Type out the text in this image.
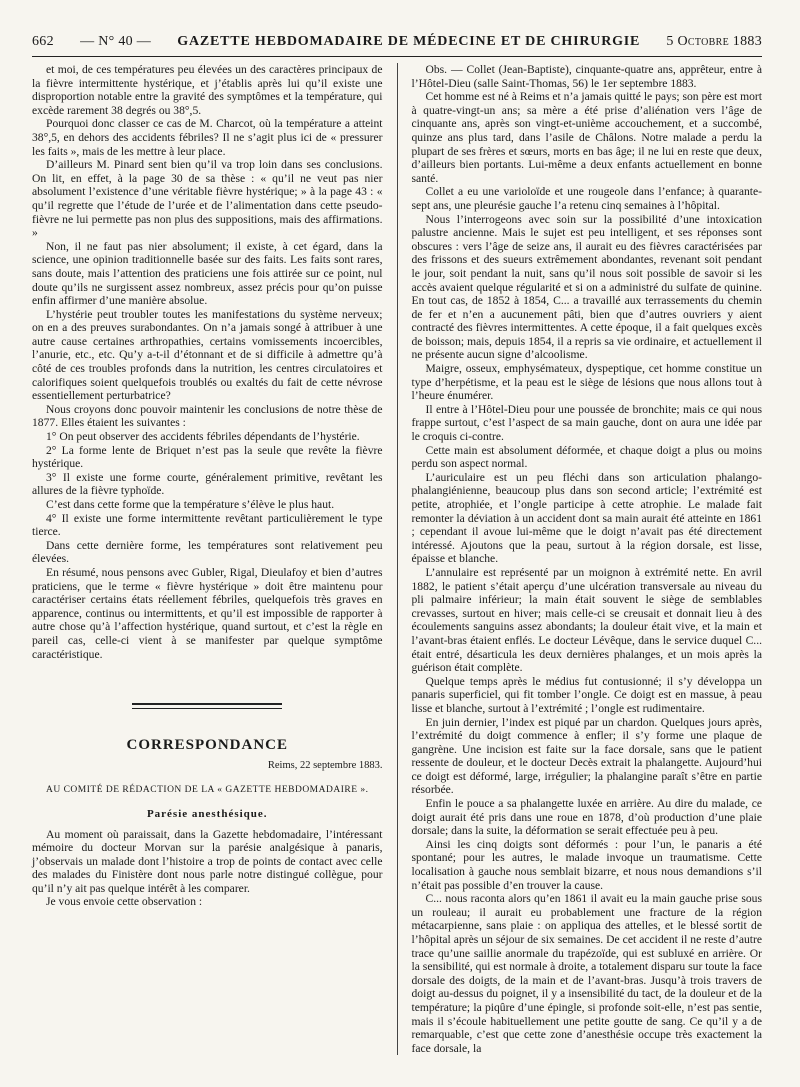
662 — N° 40 — GAZETTE HEBDOMADAIRE DE MÉDECINE ET DE CHIRURGIE 5 Octobre 1883

et moi, de ces températures peu élevées un des caractères principaux de la fièvre intermittente hystérique, et j’établis après lui qu’il existe une disproportion notable entre la gravité des symptômes et la température, qui excède rarement 38 degrés ou 38°,5.

Pourquoi donc classer ce cas de M. Charcot, où la température a atteint 38°,5, en dehors des accidents fébriles? Il ne s’agit plus ici de « pressurer les faits », mais de les mettre à leur place.

D’ailleurs M. Pinard sent bien qu’il va trop loin dans ses conclusions. On lit, en effet, à la page 30 de sa thèse : « qu’il ne veut pas nier absolument l’existence d’une véritable fièvre hystérique; » à la page 43 : « qu’il regrette que l’étude de l’urée et de l’alimentation dans cette pseudo-fièvre ne lui permette pas non plus des suppositions, mais des affirmations. »

Non, il ne faut pas nier absolument; il existe, à cet égard, dans la science, une opinion traditionnelle basée sur des faits. Les faits sont rares, sans doute, mais l’attention des praticiens une fois attirée sur ce point, nul doute qu’ils ne surgissent assez nombreux, assez précis pour qu’on puisse enfin affirmer d’une manière absolue.

L’hystérie peut troubler toutes les manifestations du système nerveux; on en a des preuves surabondantes. On n’a jamais songé à attribuer à une autre cause certaines arthropathies, certains vomissements incoercibles, l’anurie, etc., etc. Qu’y a-t-il d’étonnant et de si difficile à admettre qu’à côté de ces troubles profonds dans la nutrition, les centres circulatoires et calorifiques soient quelquefois troublés ou exaltés du fait de cette névrose essentiellement perturbatrice?

Nous croyons donc pouvoir maintenir les conclusions de notre thèse de 1877. Elles étaient les suivantes :

1° On peut observer des accidents fébriles dépendants de l’hystérie.

2° La forme lente de Briquet n’est pas la seule que revête la fièvre hystérique.

3° Il existe une forme courte, généralement primitive, revêtant les allures de la fièvre typhoïde.

C’est dans cette forme que la température s’élève le plus haut.

4° Il existe une forme intermittente revêtant particulièrement le type tierce.

Dans cette dernière forme, les températures sont relativement peu élevées.

En résumé, nous pensons avec Gubler, Rigal, Dieulafoy et bien d’autres praticiens, que le terme « fièvre hystérique » doit être maintenu pour caractériser certains états réellement fébriles, quelquefois très graves en apparence, continus ou intermittents, et qu’il est impossible de rapporter à autre chose qu’à l’affection hystérique, quand surtout, et c’est la règle en pareil cas, celle-ci vient à se manifester par quelque symptôme caractéristique.

CORRESPONDANCE
Reims, 22 septembre 1883.
AU COMITÉ DE RÉDACTION DE LA « GAZETTE HEBDOMADAIRE ».
Parésie anesthésique.

Au moment où paraissait, dans la Gazette hebdomadaire, l’intéressant mémoire du docteur Morvan sur la parésie analgésique à panaris, j’observais un malade dont l’histoire a trop de points de contact avec celle des malades du Finistère dont nous parle notre distingué collègue, pour qu’il n’y ait pas quelque intérêt à les comparer.

Je vous envoie cette observation :

Obs. — Collet (Jean-Baptiste), cinquante-quatre ans, apprêteur, entre à l’Hôtel-Dieu (salle Saint-Thomas, 56) le 1er septembre 1883.

Cet homme est né à Reims et n’a jamais quitté le pays; son père est mort à quatre-vingt-un ans; sa mère a été prise d’aliénation vers l’âge de cinquante ans, après son vingt-et-unième accouchement, et a succombé, quinze ans plus tard, dans l’asile de Châlons. Notre malade a perdu la plupart de ses frères et sœurs, morts en bas âge; il ne lui en reste que deux, d’ailleurs bien portants. Lui-même a deux enfants actuellement en bonne santé.

Collet a eu une varioloïde et une rougeole dans l’enfance; à quarante-sept ans, une pleurésie gauche l’a retenu cinq semaines à l’hôpital.

Nous l’interrogeons avec soin sur la possibilité d’une intoxication palustre ancienne. Mais le sujet est peu intelligent, et ses réponses sont obscures : vers l’âge de seize ans, il aurait eu des fièvres caractérisées par des frissons et des sueurs extrêmement abondantes, revenant soit pendant le jour, soit pendant la nuit, sans qu’il nous soit possible de savoir si les accès avaient quelque régularité et si on a administré du sulfate de quinine. En tout cas, de 1852 à 1854, C... a travaillé aux terrassements du chemin de fer et n’en a aucunement pâti, bien que d’autres ouvriers y aient contracté des fièvres intermittentes. A cette époque, il a fait quelques excès de boisson; mais, depuis 1854, il a repris sa vie ordinaire, et actuellement il ne présente aucun signe d’alcoolisme.

Maigre, osseux, emphysémateux, dyspeptique, cet homme constitue un type d’herpétisme, et la peau est le siège de lésions que nous allons tout à l’heure énumérer.

Il entre à l’Hôtel-Dieu pour une poussée de bronchite; mais ce qui nous frappe surtout, c’est l’aspect de sa main gauche, dont on aura une idée par le croquis ci-contre.

Cette main est absolument déformée, et chaque doigt a plus ou moins perdu son aspect normal.

L’auriculaire est un peu fléchi dans son articulation phalango-phalangiénienne, beaucoup plus dans son second article; l’extrémité est petite, atrophiée, et l’ongle participe à cette atrophie. Le malade fait remonter la déviation à un accident dont sa main aurait été atteinte en 1861 ; cependant il avoue lui-même que le doigt n’avait pas été directement intéressé. Ajoutons que la peau, surtout à la région dorsale, est lisse, épaisse et blanche.

L’annulaire est représenté par un moignon à extrémité nette. En avril 1882, le patient s’était aperçu d’une ulcération transversale au niveau du pli palmaire inférieur; la main était souvent le siège de semblables crevasses, surtout en hiver; mais celle-ci se creusait et donnait lieu à des écoulements sanguins assez abondants; la douleur était vive, et la main et l’avant-bras étaient enflés. Le docteur Lévêque, dans le service duquel C... était entré, désarticula les deux dernières phalanges, et un mois après la guérison était complète.

Quelque temps après le médius fut contusionné; il s’y développa un panaris superficiel, qui fit tomber l’ongle. Ce doigt est en massue, à peau lisse et blanche, surtout à l’extrémité ; l’ongle est rudimentaire.

En juin dernier, l’index est piqué par un chardon. Quelques jours après, l’extrémité du doigt commence à enfler; il s’y forme une plaque de gangrène. Une incision est faite sur la face dorsale, sans que le patient ressente de douleur, et le docteur Decès extrait la phalangette. Aujourd’hui ce doigt est déformé, large, irrégulier; la phalangine paraît s’être en partie résorbée.

Enfin le pouce a sa phalangette luxée en arrière. Au dire du malade, ce doigt aurait été pris dans une roue en 1878, d’où production d’une plaie dorsale; dans la suite, la déformation se serait effectuée peu à peu.

Ainsi les cinq doigts sont déformés : pour l’un, le panaris a été spontané; pour les autres, le malade invoque un traumatisme. Cette localisation à gauche nous semblait bizarre, et nous nous demandions s’il n’était pas possible d’en trouver la cause.

C... nous raconta alors qu’en 1861 il avait eu la main gauche prise sous un rouleau; il aurait eu probablement une fracture de la région métacarpienne, sans plaie : on appliqua des attelles, et le blessé sortit de l’hôpital après un séjour de six semaines. De cet accident il ne reste d’autre trace qu’une saillie anormale du trapézoïde, qui est subluxé en arrière. Or la sensibilité, qui est normale à droite, a totalement disparu sur toute la face dorsale des doigts, de la main et de l’avant-bras. Jusqu’à trois travers de doigt au-dessus du poignet, il y a insensibilité du tact, de la douleur et de la température; la piqûre d’une épingle, si profonde soit-elle, n’est pas sentie, mais il s’écoule habituellement une petite goutte de sang. Ce qu’il y a de remarquable, c’est que cette zone d’anesthésie occupe très exactement la face dorsale, la
